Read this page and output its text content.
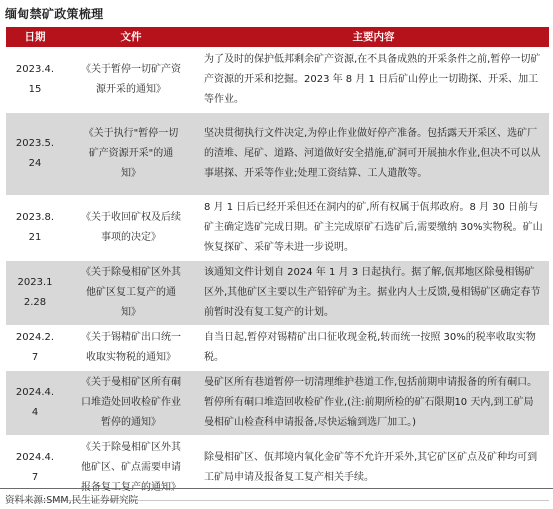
缅甸禁矿政策梳理
日期	文件	主要内容
2023.4.
15	《关于暂停一切矿产资
源开采的通知》	为了及时的保护低邦剩余矿产资源,在不具备成熟的开采条件之前,暂停一切矿产资源的开采和挖掘。2023 年 8 月 1 日后矿山停止一切勘探、开采、加工等作业。
2023.5.
24	《关于执行"暂停一切
矿产资源开采"的通
知》	坚决贯彻执行文件决定,为停止作业做好停产准备。包括露天开采区、选矿厂的渣堆、尾矿、道路、河道做好安全措施,矿洞可开展抽水作业,但决不可以从事堪探、开采等作业;处理工资结算、工人遣散等。
2023.8.
21	《关于收回矿权及后续
事项的决定》	8 月 1 日后已经开采但还在洞内的矿,所有权属于佤邦政府。8 月 30 日前与矿主确定选矿完成日期。矿主完成原矿石选矿后,需要缴纳 30%实物税。矿山恢复探矿、采矿等未进一步说明。
2023.1
2.28	《关于除曼相矿区外其
他矿区复工复产的通
知》	该通知文件计划自 2024 年 1 月 3 日起执行。据了解,佤邦地区除曼相锡矿区外,其他矿区主要以生产铅锌矿为主。据业内人士反馈,曼相锡矿区确定春节前暂时没有复工复产的计划。
2024.2.
7	《关于锡精矿出口统一
收取实物税的通知》	自当日起,暂停对锡精矿出口征收现金税,转而统一按照 30%的税率收取实物税。
2024.4.
4	《关于曼相矿区所有硐
口堆造处回收检矿作业
暂停的通知》	曼矿区所有巷道暂停一切清理维护巷道工作,包括前期申请报备的所有硐口。暂停所有硐口堆造回收检矿作业,(注:前期所检的矿石限期10 天内,到工矿局曼相矿山检查科申请报备,尽快运输到选厂加工。)
2024.4.
7	《关于除曼相矿区外其
他矿区、矿点需要申请
报备复工复产的通知》	除曼相矿区、佤邦境内氧化金矿等不允许开采外,其它矿区矿点及矿种均可到工矿局申请及报备复工复产相关手续。
资料来源:SMM,民生证券研究院
